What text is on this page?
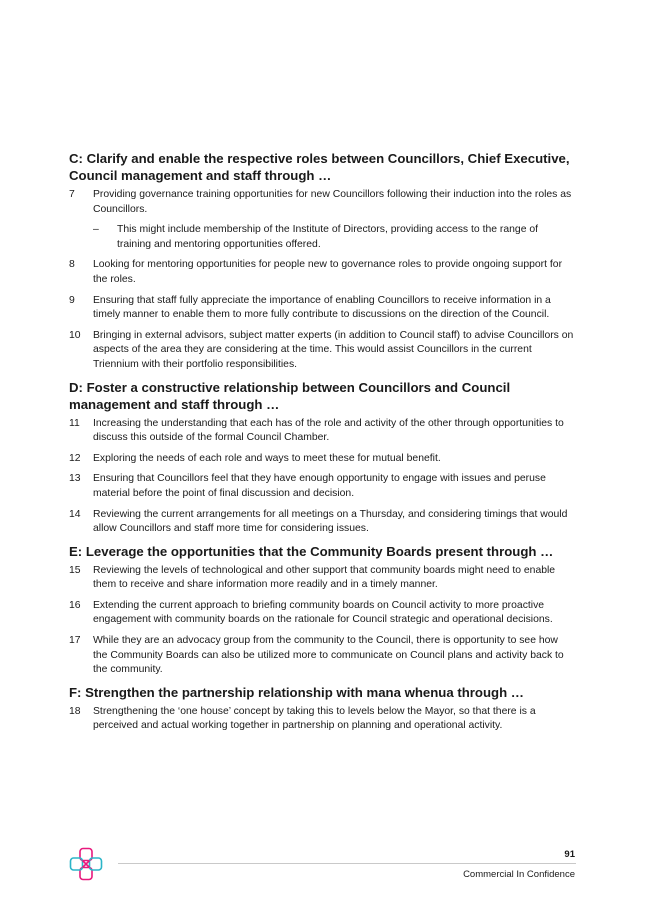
C: Clarify and enable the respective roles between Councillors, Chief Executive, Council management and staff through …
7	Providing governance training opportunities for new Councillors following their induction into the roles as Councillors.
–	This might include membership of the Institute of Directors, providing access to the range of training and mentoring opportunities offered.
8	Looking for mentoring opportunities for people new to governance roles to provide ongoing support for the roles.
9	Ensuring that staff fully appreciate the importance of enabling Councillors to receive information in a timely manner to enable them to more fully contribute to discussions on the direction of the Council.
10	Bringing in external advisors, subject matter experts (in addition to Council staff) to advise Councillors on aspects of the area they are considering at the time. This would assist Councillors in the current Triennium with their portfolio responsibilities.
D: Foster a constructive relationship between Councillors and Council management and staff through …
11	Increasing the understanding that each has of the role and activity of the other through opportunities to discuss this outside of the formal Council Chamber.
12	Exploring the needs of each role and ways to meet these for mutual benefit.
13	Ensuring that Councillors feel that they have enough opportunity to engage with issues and peruse material before the point of final discussion and decision.
14	Reviewing the current arrangements for all meetings on a Thursday, and considering timings that would allow Councillors and staff more time for considering issues.
E: Leverage the opportunities that the Community Boards present through …
15	Reviewing the levels of technological and other support that community boards might need to enable them to receive and share information more readily and in a timely manner.
16	Extending the current approach to briefing community boards on Council activity to more proactive engagement with community boards on the rationale for Council strategic and operational decisions.
17	While they are an advocacy group from the community to the Council, there is opportunity to see how the Community Boards can also be utilized more to communicate on Council plans and activity back to the community.
F: Strengthen the partnership relationship with mana whenua through …
18	Strengthening the ‘one house’ concept by taking this to levels below the Mayor, so that there is a perceived and actual working together in partnership on planning and operational activity.
91
Commercial In Confidence
